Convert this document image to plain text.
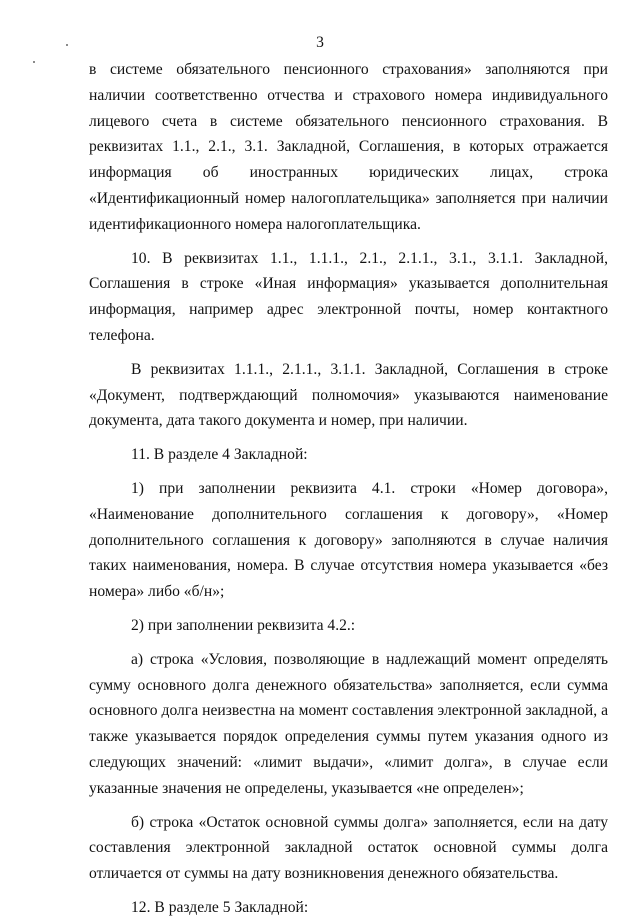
3

в системе обязательного пенсионного страхования» заполняются при наличии соответственно отчества и страхового номера индивидуального лицевого счета в системе обязательного пенсионного страхования. В реквизитах 1.1., 2.1., 3.1. Закладной, Соглашения, в которых отражается информация об иностранных юридических лицах, строка «Идентификационный номер налогоплательщика» заполняется при наличии идентификационного номера налогоплательщика.

10. В реквизитах 1.1., 1.1.1., 2.1., 2.1.1., 3.1., 3.1.1. Закладной, Соглашения в строке «Иная информация» указывается дополнительная информация, например адрес электронной почты, номер контактного телефона.

В реквизитах 1.1.1., 2.1.1., 3.1.1. Закладной, Соглашения в строке «Документ, подтверждающий полномочия» указываются наименование документа, дата такого документа и номер, при наличии.

11. В разделе 4 Закладной:

1) при заполнении реквизита 4.1. строки «Номер договора», «Наименование дополнительного соглашения к договору», «Номер дополнительного соглашения к договору» заполняются в случае наличия таких наименования, номера. В случае отсутствия номера указывается «без номера» либо «б/н»;

2) при заполнении реквизита 4.2.:

а) строка «Условия, позволяющие в надлежащий момент определять сумму основного долга денежного обязательства» заполняется, если сумма основного долга неизвестна на момент составления электронной закладной, а также указывается порядок определения суммы путем указания одного из следующих значений: «лимит выдачи», «лимит долга», в случае если указанные значения не определены, указывается «не определен»;

б) строка «Остаток основной суммы долга» заполняется, если на дату составления электронной закладной остаток основной суммы долга отличается от суммы на дату возникновения денежного обязательства.

12. В разделе 5 Закладной:
